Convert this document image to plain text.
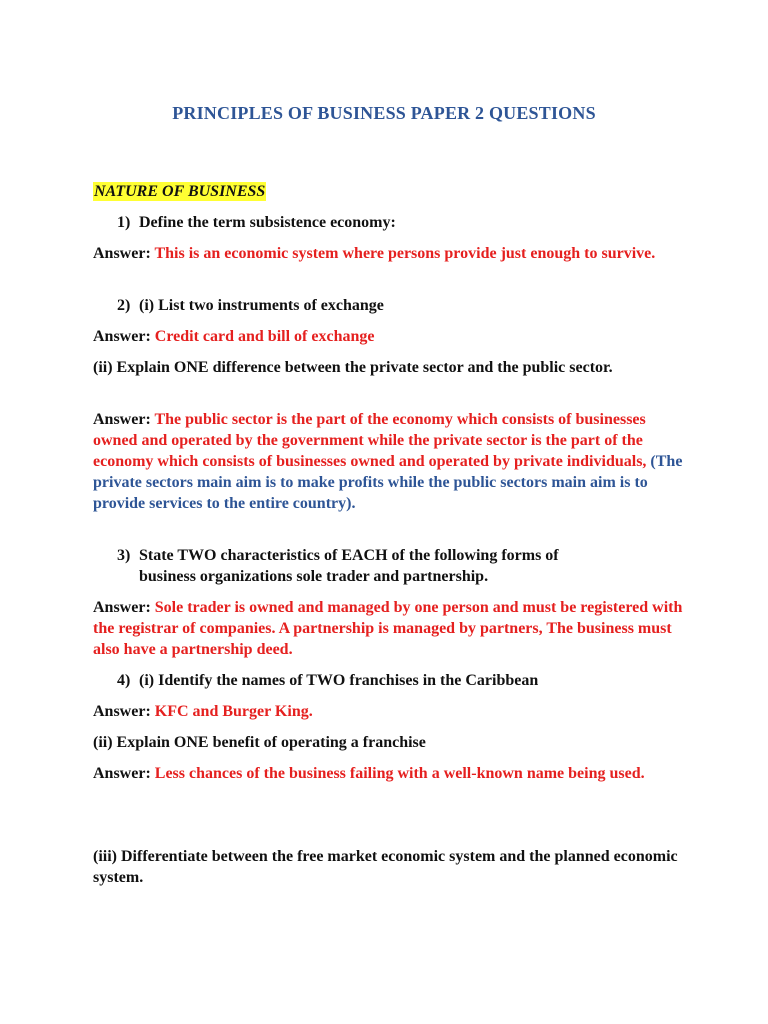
PRINCIPLES OF BUSINESS PAPER 2 QUESTIONS
NATURE OF BUSINESS
1) Define the term subsistence economy:
Answer: This is an economic system where persons provide just enough to survive.
2) (i) List two instruments of exchange
Answer: Credit card and bill of exchange
(ii) Explain ONE difference between the private sector and the public sector.
Answer: The public sector is the part of the economy which consists of businesses owned and operated by the government while the private sector is the part of the economy which consists of businesses owned and operated by private individuals, (The private sectors main aim is to make profits while the public sectors main aim is to provide services to the entire country).
3) State TWO characteristics of EACH of the following forms of
business organizations sole trader and partnership.
Answer: Sole trader is owned and managed by one person and must be registered with the registrar of companies. A partnership is managed by partners, The business must also have a partnership deed.
4) (i) Identify the names of TWO franchises in the Caribbean
Answer: KFC and Burger King.
(ii) Explain ONE benefit of operating a franchise
Answer: Less chances of the business failing with a well-known name being used.
(iii) Differentiate between the free market economic system and the planned economic system.
